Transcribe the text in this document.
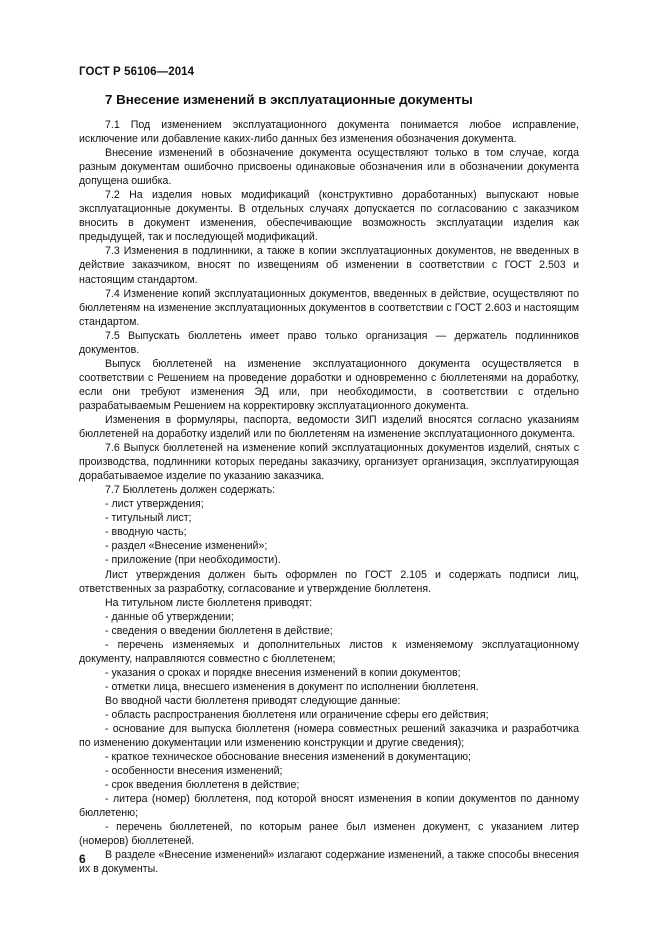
ГОСТ Р 56106—2014
7 Внесение изменений в эксплуатационные документы

7.1 Под изменением эксплуатационного документа понимается любое исправление, исключение или добавление каких-либо данных без изменения обозначения документа.

Внесение изменений в обозначение документа осуществляют только в том случае, когда разным документам ошибочно присвоены одинаковые обозначения или в обозначении документа допущена ошибка.

7.2 На изделия новых модификаций (конструктивно доработанных) выпускают новые эксплуатационные документы. В отдельных случаях допускается по согласованию с заказчиком вносить в документ изменения, обеспечивающие возможность эксплуатации изделия как предыдущей, так и последующей модификаций.

7.3 Изменения в подлинники, а также в копии эксплуатационных документов, не введенных в действие заказчиком, вносят по извещениям об изменении в соответствии с ГОСТ 2.503 и настоящим стандартом.

7.4 Изменение копий эксплуатационных документов, введенных в действие, осуществляют по бюллетеням на изменение эксплуатационных документов в соответствии с ГОСТ 2.603 и настоящим стандартом.

7.5 Выпускать бюллетень имеет право только организация — держатель подлинников документов.

Выпуск бюллетеней на изменение эксплуатационного документа осуществляется в соответствии с Решением на проведение доработки и одновременно с бюллетенями на доработку, если они требуют изменения ЭД или, при необходимости, в соответствии с отдельно разрабатываемым Решением на корректировку эксплуатационного документа.

Изменения в формуляры, паспорта, ведомости ЗИП изделий вносятся согласно указаниям бюллетеней на доработку изделий или по бюллетеням на изменение эксплуатационного документа.

7.6 Выпуск бюллетеней на изменение копий эксплуатационных документов изделий, снятых с производства, подлинники которых переданы заказчику, организует организация, эксплуатирующая дорабатываемое изделие по указанию заказчика.

7.7 Бюллетень должен содержать:

- лист утверждения;

- титульный лист;

- вводную часть;

- раздел «Внесение изменений»;

- приложение (при необходимости).

Лист утверждения должен быть оформлен по ГОСТ 2.105 и содержать подписи лиц, ответственных за разработку, согласование и утверждение бюллетеня.

На титульном листе бюллетеня приводят:

- данные об утверждении;

- сведения о введении бюллетеня в действие;

- перечень изменяемых и дополнительных листов к изменяемому эксплуатационному документу, направляются совместно с бюллетенем;

- указания о сроках и порядке внесения изменений в копии документов;

- отметки лица, внесшего изменения в документ по исполнении бюллетеня.

Во вводной части бюллетеня приводят следующие данные:

- область распространения бюллетеня или ограничение сферы его действия;

- основание для выпуска бюллетеня (номера совместных решений заказчика и разработчика по изменению документации или изменению конструкции и другие сведения);

- краткое техническое обоснование внесения изменений в документацию;

- особенности внесения изменений;

- срок введения бюллетеня в действие;

- литера (номер) бюллетеня, под которой вносят изменения в копии документов по данному бюллетеню;

- перечень бюллетеней, по которым ранее был изменен документ, с указанием литер (номеров) бюллетеней.

В разделе «Внесение изменений» излагают содержание изменений, а также способы внесения их в документы.

6
